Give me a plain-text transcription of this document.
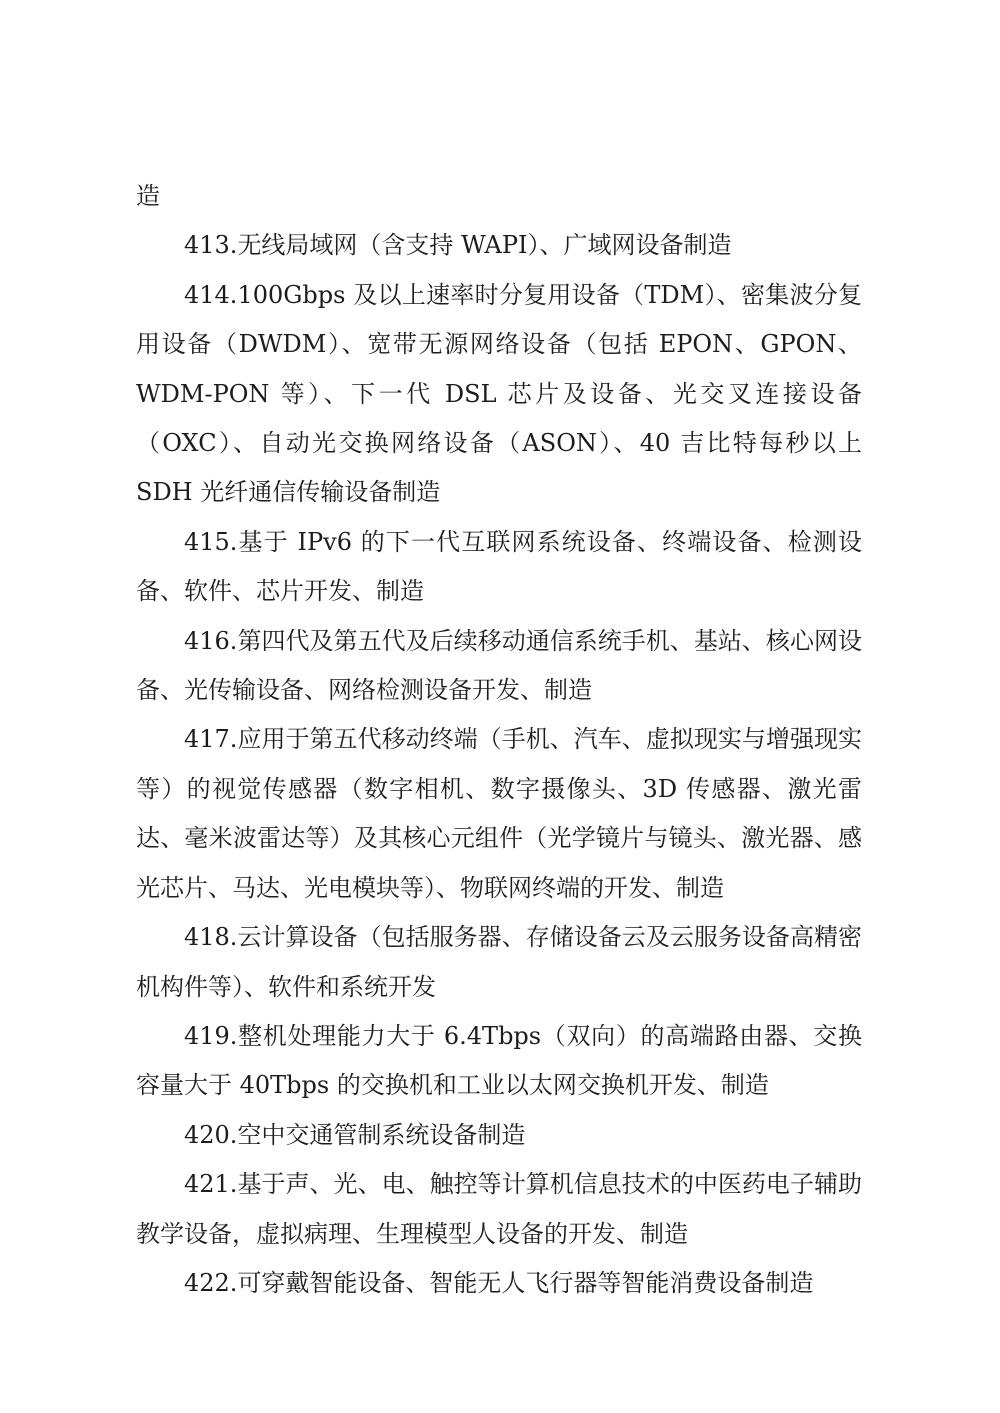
造

413.无线局域网（含支持 WAPI）、广域网设备制造

414.100Gbps 及以上速率时分复用设备（TDM）、密集波分复用设备（DWDM）、宽带无源网络设备（包括 EPON、GPON、WDM-PON 等）、下一代 DSL 芯片及设备、光交叉连接设备（OXC）、自动光交换网络设备（ASON）、40 吉比特每秒以上 SDH 光纤通信传输设备制造

415.基于 IPv6 的下一代互联网系统设备、终端设备、检测设备、软件、芯片开发、制造

416.第四代及第五代及后续移动通信系统手机、基站、核心网设备、光传输设备、网络检测设备开发、制造

417.应用于第五代移动终端（手机、汽车、虚拟现实与增强现实等）的视觉传感器（数字相机、数字摄像头、3D 传感器、激光雷达、毫米波雷达等）及其核心元组件（光学镜片与镜头、激光器、感光芯片、马达、光电模块等）、物联网终端的开发、制造

418.云计算设备（包括服务器、存储设备云及云服务设备高精密机构件等）、软件和系统开发

419.整机处理能力大于 6.4Tbps（双向）的高端路由器、交换容量大于 40Tbps 的交换机和工业以太网交换机开发、制造

420.空中交通管制系统设备制造

421.基于声、光、电、触控等计算机信息技术的中医药电子辅助教学设备，虚拟病理、生理模型人设备的开发、制造

422.可穿戴智能设备、智能无人飞行器等智能消费设备制造
